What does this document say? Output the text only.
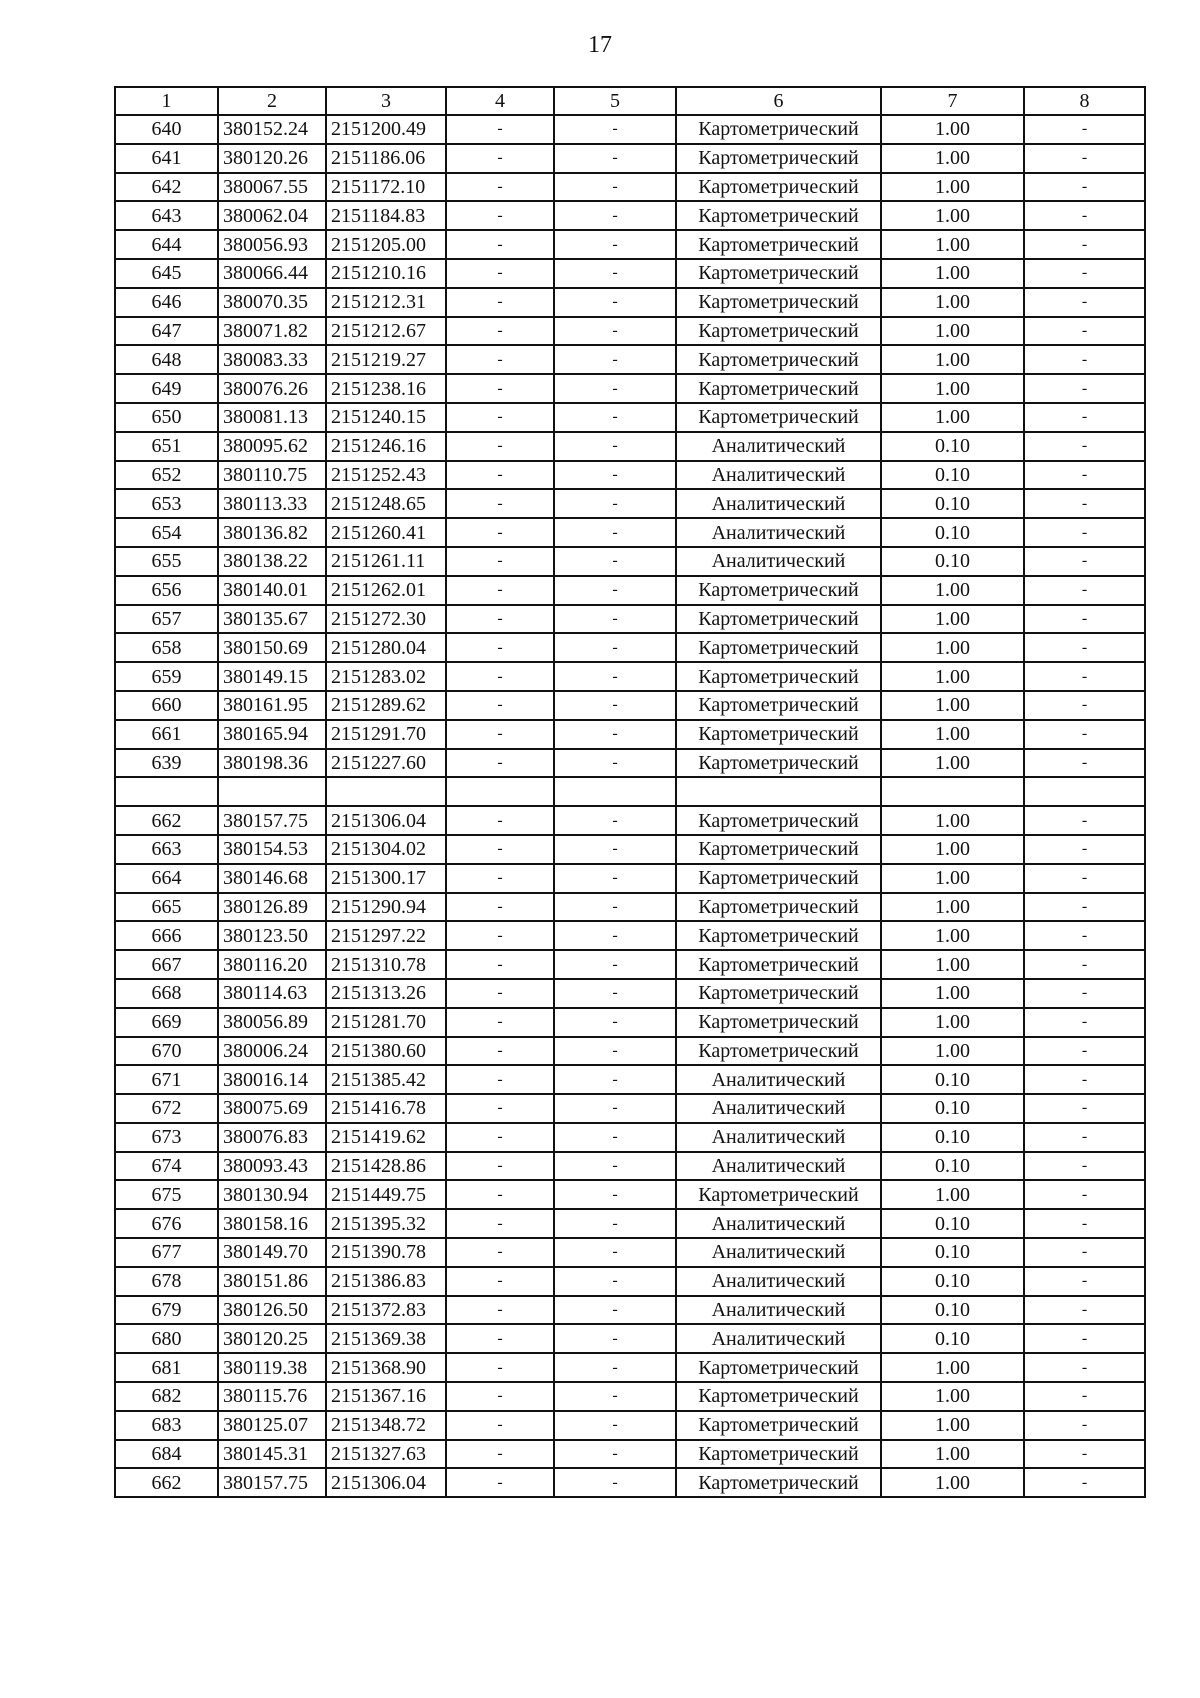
17
1	2	3	4	5	6	7	8
640	380152.24	2151200.49	-	-	Картометрический	1.00	-
641	380120.26	2151186.06	-	-	Картометрический	1.00	-
642	380067.55	2151172.10	-	-	Картометрический	1.00	-
643	380062.04	2151184.83	-	-	Картометрический	1.00	-
644	380056.93	2151205.00	-	-	Картометрический	1.00	-
645	380066.44	2151210.16	-	-	Картометрический	1.00	-
646	380070.35	2151212.31	-	-	Картометрический	1.00	-
647	380071.82	2151212.67	-	-	Картометрический	1.00	-
648	380083.33	2151219.27	-	-	Картометрический	1.00	-
649	380076.26	2151238.16	-	-	Картометрический	1.00	-
650	380081.13	2151240.15	-	-	Картометрический	1.00	-
651	380095.62	2151246.16	-	-	Аналитический	0.10	-
652	380110.75	2151252.43	-	-	Аналитический	0.10	-
653	380113.33	2151248.65	-	-	Аналитический	0.10	-
654	380136.82	2151260.41	-	-	Аналитический	0.10	-
655	380138.22	2151261.11	-	-	Аналитический	0.10	-
656	380140.01	2151262.01	-	-	Картометрический	1.00	-
657	380135.67	2151272.30	-	-	Картометрический	1.00	-
658	380150.69	2151280.04	-	-	Картометрический	1.00	-
659	380149.15	2151283.02	-	-	Картометрический	1.00	-
660	380161.95	2151289.62	-	-	Картометрический	1.00	-
661	380165.94	2151291.70	-	-	Картометрический	1.00	-
639	380198.36	2151227.60	-	-	Картометрический	1.00	-

662	380157.75	2151306.04	-	-	Картометрический	1.00	-
663	380154.53	2151304.02	-	-	Картометрический	1.00	-
664	380146.68	2151300.17	-	-	Картометрический	1.00	-
665	380126.89	2151290.94	-	-	Картометрический	1.00	-
666	380123.50	2151297.22	-	-	Картометрический	1.00	-
667	380116.20	2151310.78	-	-	Картометрический	1.00	-
668	380114.63	2151313.26	-	-	Картометрический	1.00	-
669	380056.89	2151281.70	-	-	Картометрический	1.00	-
670	380006.24	2151380.60	-	-	Картометрический	1.00	-
671	380016.14	2151385.42	-	-	Аналитический	0.10	-
672	380075.69	2151416.78	-	-	Аналитический	0.10	-
673	380076.83	2151419.62	-	-	Аналитический	0.10	-
674	380093.43	2151428.86	-	-	Аналитический	0.10	-
675	380130.94	2151449.75	-	-	Картометрический	1.00	-
676	380158.16	2151395.32	-	-	Аналитический	0.10	-
677	380149.70	2151390.78	-	-	Аналитический	0.10	-
678	380151.86	2151386.83	-	-	Аналитический	0.10	-
679	380126.50	2151372.83	-	-	Аналитический	0.10	-
680	380120.25	2151369.38	-	-	Аналитический	0.10	-
681	380119.38	2151368.90	-	-	Картометрический	1.00	-
682	380115.76	2151367.16	-	-	Картометрический	1.00	-
683	380125.07	2151348.72	-	-	Картометрический	1.00	-
684	380145.31	2151327.63	-	-	Картометрический	1.00	-
662	380157.75	2151306.04	-	-	Картометрический	1.00	-
